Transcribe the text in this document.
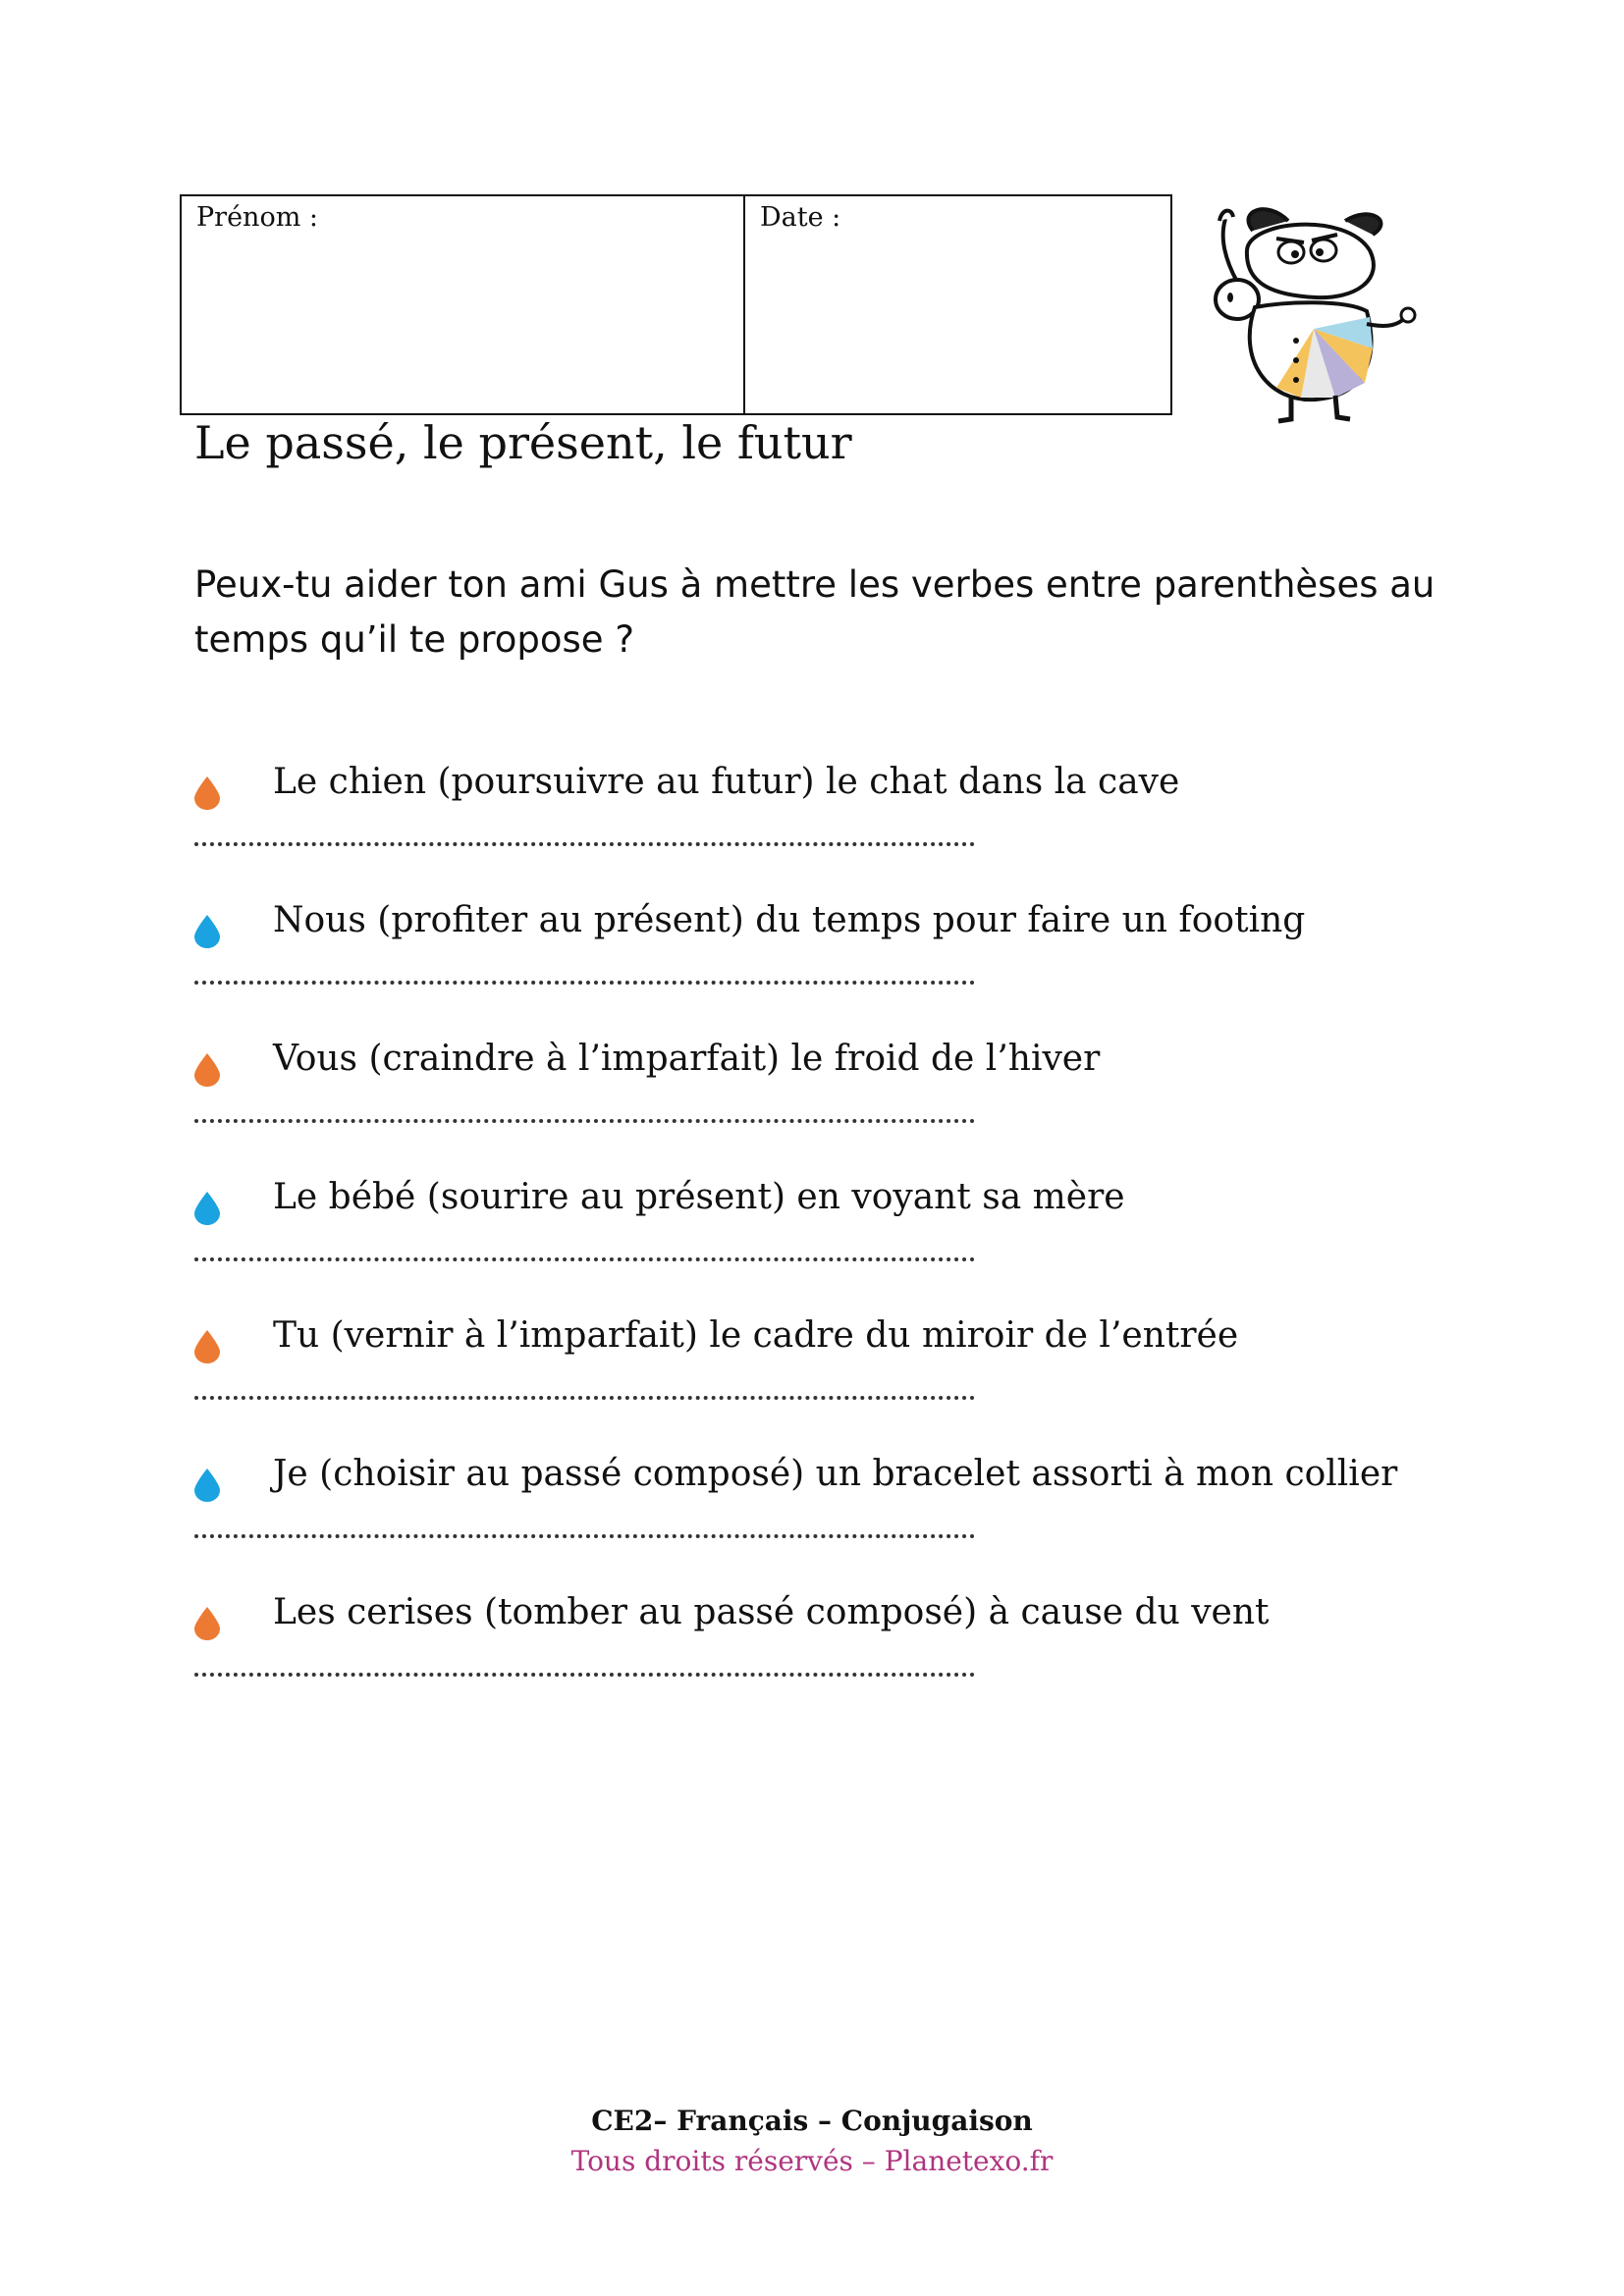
Prénom :	Date :
Le passé, le présent, le futur
Peux-tu aider ton ami Gus à mettre les verbes entre parenthèses au temps qu’il te propose ?
Le chien (poursuivre au futur) le chat dans la cave
Nous (profiter au présent) du temps pour faire un footing
Vous (craindre à l’imparfait) le froid de l’hiver
Le bébé (sourire au présent) en voyant sa mère
Tu (vernir à l’imparfait) le cadre du miroir de l’entrée
Je (choisir au passé composé) un bracelet assorti à mon collier
Les cerises (tomber au passé composé) à cause du vent
CE2– Français – Conjugaison
Tous droits réservés – Planetexo.fr
